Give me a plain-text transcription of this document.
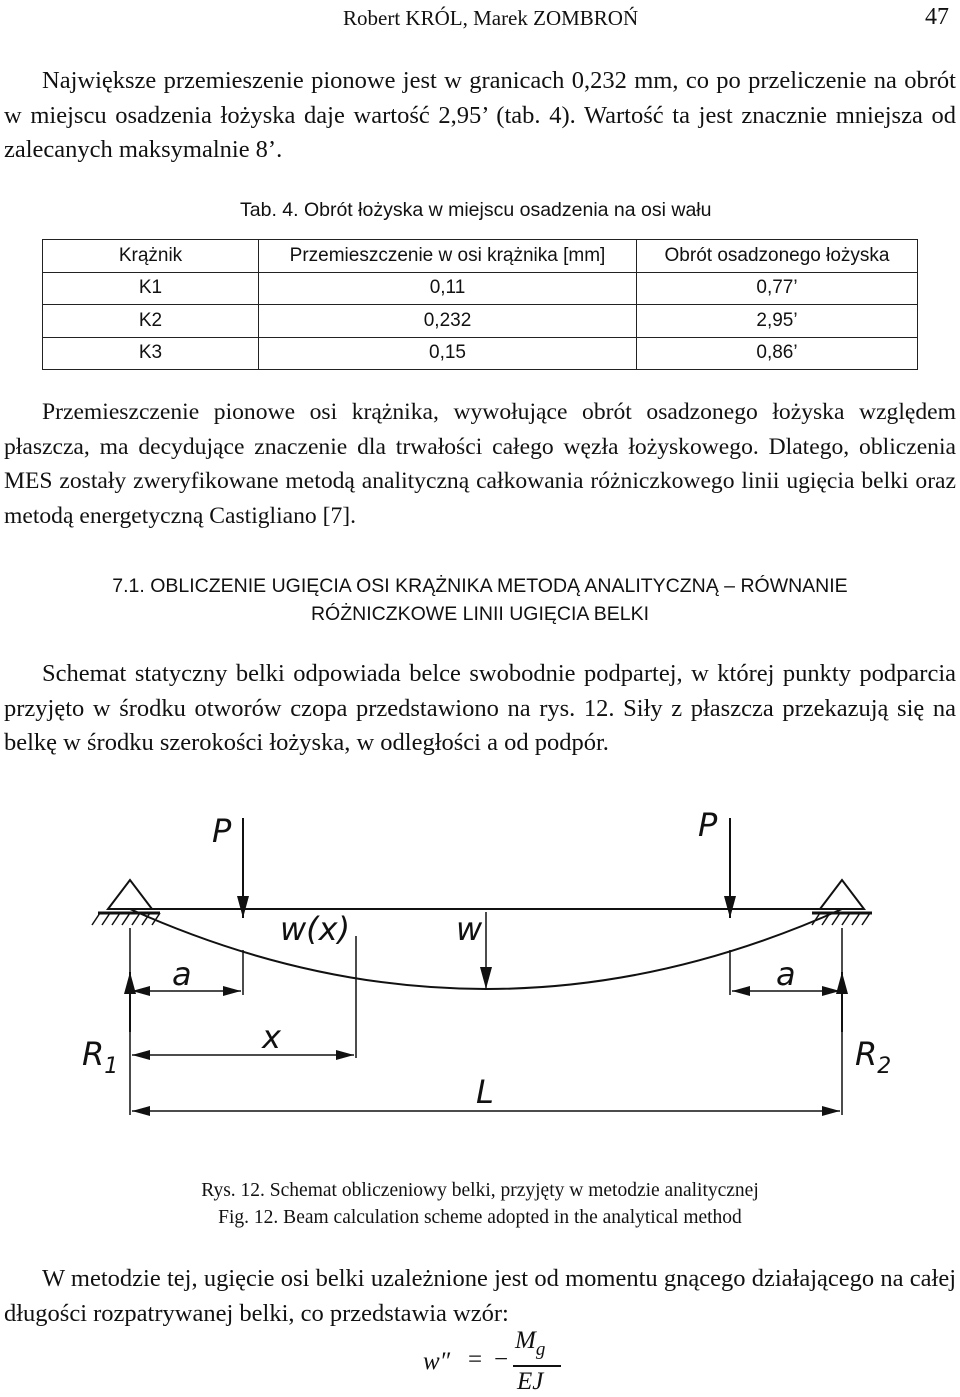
Robert KRÓL, Marek ZOMBROŃ	47

Największe przemieszenie pionowe jest w granicach 0,232 mm, co po przeliczenie na obrót w miejscu osadzenia łożyska daje wartość 2,95’ (tab. 4). Wartość ta jest znacznie mniejsza od zalecanych maksymalnie 8’.

Tab. 4. Obrót łożyska w miejscu osadzenia na osi wału
Krążnik	Przemieszczenie w osi krążnika [mm]	Obrót osadzonego łożyska
K1	0,11	0,77’
K2	0,232	2,95’
K3	0,15	0,86’

Przemieszczenie pionowe osi krążnika, wywołujące obrót osadzonego łożyska względem płaszcza, ma decydujące znaczenie dla trwałości całego węzła łożyskowego. Dlatego, obliczenia MES zostały zweryfikowane metodą analityczną całkowania różniczkowego linii ugięcia belki oraz metodą energetyczną Castigliano [7].

7.1. OBLICZENIE UGIĘCIA OSI KRĄŻNIKA METODĄ ANALITYCZNĄ – RÓWNANIE
RÓŻNICZKOWE LINII UGIĘCIA BELKI

Schemat statyczny belki odpowiada belce swobodnie podpartej, w której punkty podparcia przyjęto w środku otworów czopa przedstawiono na rys. 12. Siły z płaszcza przekazują się na belkę w środku szerokości łożyska, w odległości a od podpór.

P	P
w(x)	w
a	a
$R_1$	$R_2$
x
L
Rys. 12. Schemat obliczeniowy belki, przyjęty w metodzie analitycznej
Fig. 12. Beam calculation scheme adopted in the analytical method

W metodzie tej, ugięcie osi belki uzależnione jest od momentu gnącego działającego na całej długości rozpatrywanej belki, co przedstawia wzór:

w″ = −
$M_g$
EJ
